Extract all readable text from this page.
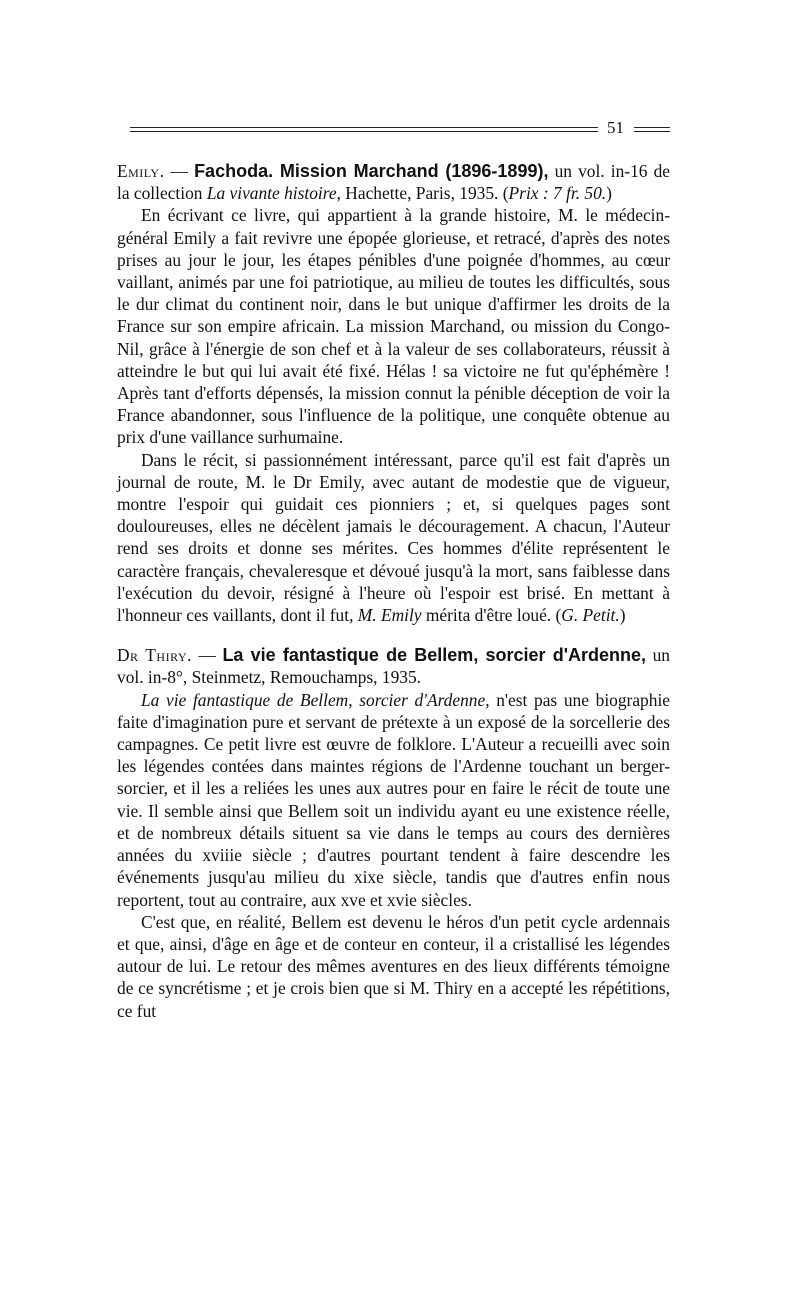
51

Emily. — Fachoda. Mission Marchand (1896-1899), un vol. in-16 de la collection La vivante histoire, Hachette, Paris, 1935. (Prix : 7 fr. 50.)

En écrivant ce livre, qui appartient à la grande histoire, M. le médecin-général Emily a fait revivre une épopée glorieuse, et retracé, d'après des notes prises au jour le jour, les étapes pénibles d'une poignée d'hommes, au cœur vaillant, animés par une foi patriotique, au milieu de toutes les difficultés, sous le dur climat du continent noir, dans le but unique d'affirmer les droits de la France sur son empire africain. La mission Marchand, ou mission du Congo-Nil, grâce à l'énergie de son chef et à la valeur de ses collaborateurs, réussit à atteindre le but qui lui avait été fixé. Hélas ! sa victoire ne fut qu'éphémère ! Après tant d'efforts dépensés, la mission connut la pénible déception de voir la France abandonner, sous l'influence de la politique, une conquête obtenue au prix d'une vaillance surhumaine.

Dans le récit, si passionnément intéressant, parce qu'il est fait d'après un journal de route, M. le Dr Emily, avec autant de modestie que de vigueur, montre l'espoir qui guidait ces pionniers ; et, si quelques pages sont douloureuses, elles ne décèlent jamais le découragement. A chacun, l'Auteur rend ses droits et donne ses mérites. Ces hommes d'élite représentent le caractère français, chevaleresque et dévoué jusqu'à la mort, sans faiblesse dans l'exécution du devoir, résigné à l'heure où l'espoir est brisé. En mettant à l'honneur ces vaillants, dont il fut, M. Emily mérita d'être loué. (G. Petit.)

Dr Thiry. — La vie fantastique de Bellem, sorcier d'Ardenne, un vol. in-8°, Steinmetz, Remouchamps, 1935.

La vie fantastique de Bellem, sorcier d'Ardenne, n'est pas une biographie faite d'imagination pure et servant de prétexte à un exposé de la sorcellerie des campagnes. Ce petit livre est œuvre de folklore. L'Auteur a recueilli avec soin les légendes contées dans maintes régions de l'Ardenne touchant un berger-sorcier, et il les a reliées les unes aux autres pour en faire le récit de toute une vie. Il semble ainsi que Bellem soit un individu ayant eu une existence réelle, et de nombreux détails situent sa vie dans le temps au cours des dernières années du xviiie siècle ; d'autres pourtant tendent à faire descendre les événements jusqu'au milieu du xixe siècle, tandis que d'autres enfin nous reportent, tout au contraire, aux xve et xvie siècles.

C'est que, en réalité, Bellem est devenu le héros d'un petit cycle ardennais et que, ainsi, d'âge en âge et de conteur en conteur, il a cristallisé les légendes autour de lui. Le retour des mêmes aventures en des lieux différents témoigne de ce syncrétisme ; et je crois bien que si M. Thiry en a accepté les répétitions, ce fut
